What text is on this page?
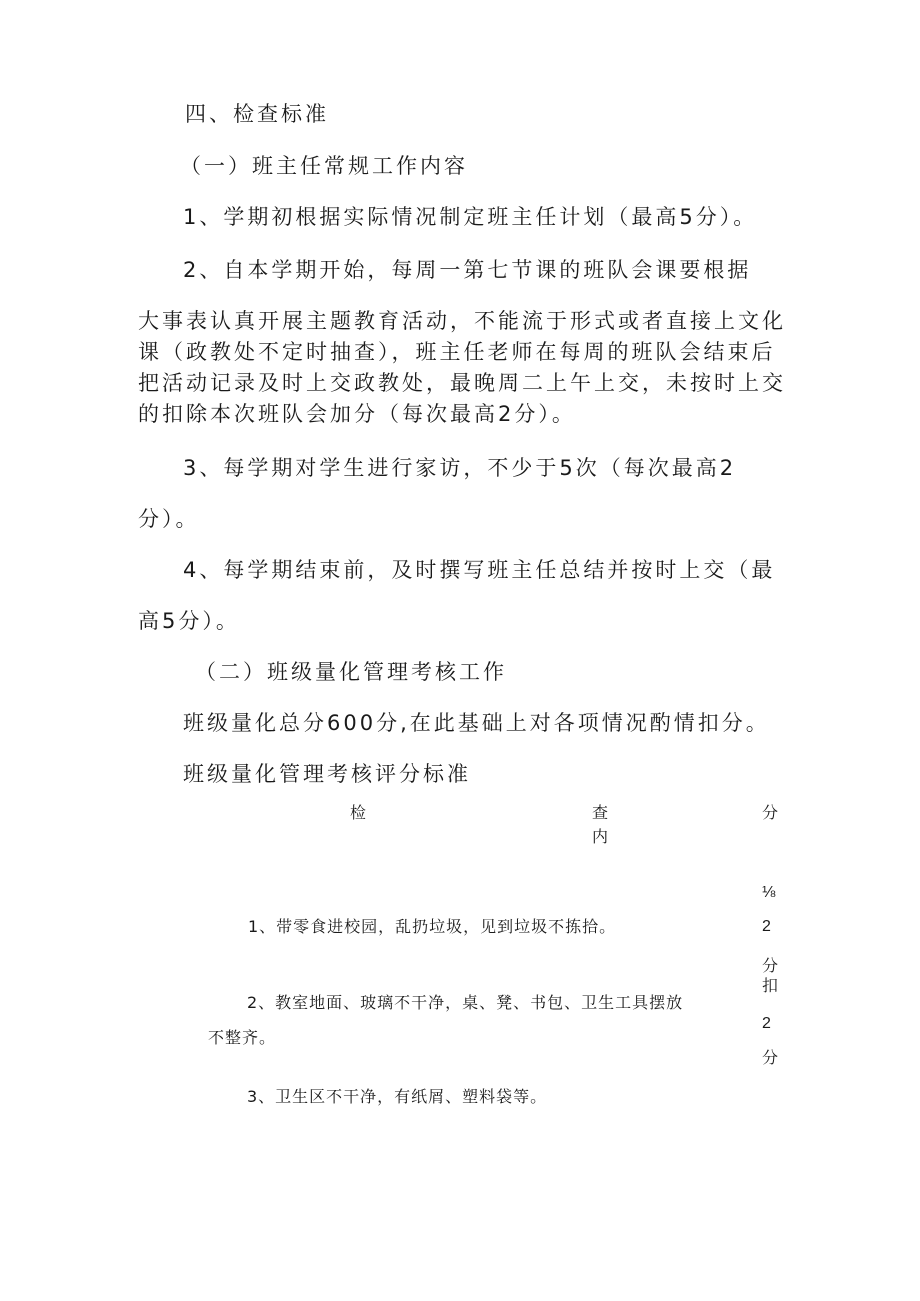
四、检查标准
（一）班主任常规工作内容
1、学期初根据实际情况制定班主任计划（最高5分）。
2、自本学期开始，每周一第七节课的班队会课要根据
大事表认真开展主题教育活动，不能流于形式或者直接上文化
课（政教处不定时抽查），班主任老师在每周的班队会结束后
把活动记录及时上交政教处，最晚周二上午上交，未按时上交
的扣除本次班队会加分（每次最高2分）。
3、每学期对学生进行家访，不少于5次（每次最高2
分）。
4、每学期结束前，及时撰写班主任总结并按时上交（最
高5分）。
（二）班级量化管理考核工作
班级量化总分600分,在此基础上对各项情况酌情扣分。
班级量化管理考核评分标准
检	查
内
分
1、带零食进校园，乱扔垃圾，见到垃圾不拣拾。
2、教室地面、玻璃不干净，桌、凳、书包、卫生工具摆放
不整齐。
3、卫生区不干净，有纸屑、塑料袋等。
⅛
2
分
扣
2
分
